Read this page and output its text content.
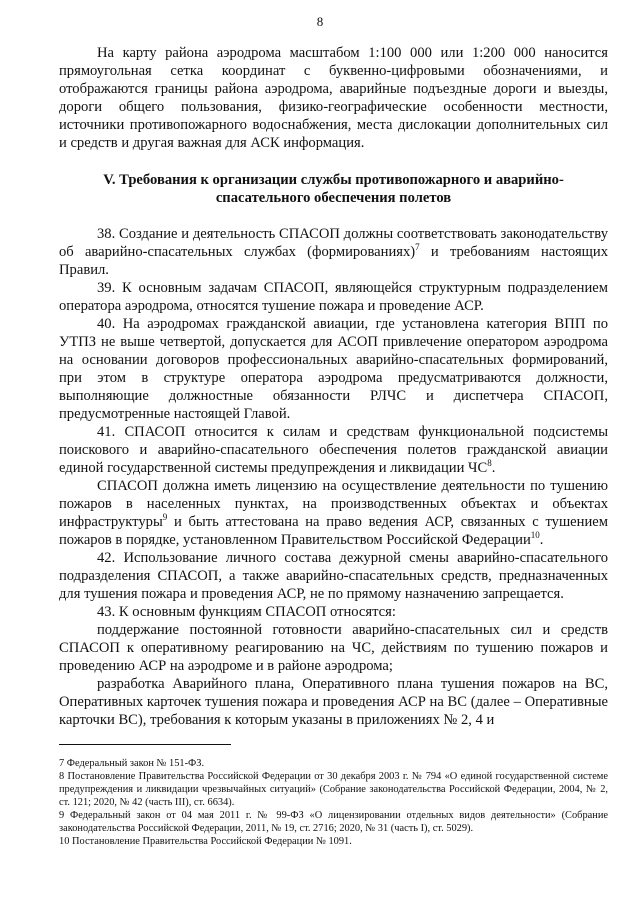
8

На карту района аэродрома масштабом 1:100 000 или 1:200 000 наносится прямоугольная сетка координат с буквенно-цифровыми обозначениями, и отображаются границы района аэродрома, аварийные подъездные дороги и выезды, дороги общего пользования, физико-географические особенности местности, источники противопожарного водоснабжения, места дислокации дополнительных сил и средств и другая важная для АСК информация.

V. Требования к организации службы противопожарного и аварийно-
спасательного обеспечения полетов

38. Создание и деятельность СПАСОП должны соответствовать законодательству об аварийно-спасательных службах (формированиях)$^7$ и требованиям настоящих Правил.

39. К основным задачам СПАСОП, являющейся структурным подразделением оператора аэродрома, относятся тушение пожара и проведение АСР.

40. На аэродромах гражданской авиации, где установлена категория ВПП по УТПЗ не выше четвертой, допускается для АСОП привлечение оператором аэродрома на основании договоров профессиональных аварийно-спасательных формирований, при этом в структуре оператора аэродрома предусматриваются должности, выполняющие должностные обязанности РЛЧС и диспетчера СПАСОП, предусмотренные настоящей Главой.

41. СПАСОП относится к силам и средствам функциональной подсистемы поискового и аварийно-спасательного обеспечения полетов гражданской авиации единой государственной системы предупреждения и ликвидации $ЧС^8$.

СПАСОП должна иметь лицензию на осуществление деятельности по тушению пожаров в населенных пунктах, на производственных объектах и объектах инфраструктуры$^9$ и быть аттестована на право ведения АСР, связанных с тушением пожаров в порядке, установленном Правительством Российской Федерации$^{10}$.

42. Использование личного состава дежурной смены аварийно-спасательного подразделения СПАСОП, а также аварийно-спасательных средств, предназначенных для тушения пожара и проведения АСР, не по прямому назначению запрещается.

43. К основным функциям СПАСОП относятся:

поддержание постоянной готовности аварийно-спасательных сил и средств СПАСОП к оперативному реагированию на ЧС, действиям по тушению пожаров и проведению АСР на аэродроме и в районе аэродрома;

разработка Аварийного плана, Оперативного плана тушения пожаров на ВС, Оперативных карточек тушения пожара и проведения АСР на ВС (далее – Оперативные карточки ВС), требования к которым указаны в приложениях № 2, 4 и

7 Федеральный закон № 151-ФЗ.

8 Постановление Правительства Российской Федерации от 30 декабря 2003 г. № 794 «О единой государственной системе предупреждения и ликвидации чрезвычайных ситуаций» (Собрание законодательства Российской Федерации, 2004, № 2, ст. 121; 2020, № 42 (часть III), ст. 6634).

9 Федеральный закон от 04 мая 2011 г. № 99-ФЗ «О лицензировании отдельных видов деятельности» (Собрание законодательства Российской Федерации, 2011, № 19, ст. 2716; 2020, № 31 (часть I), ст. 5029).

10 Постановление Правительства Российской Федерации № 1091.
